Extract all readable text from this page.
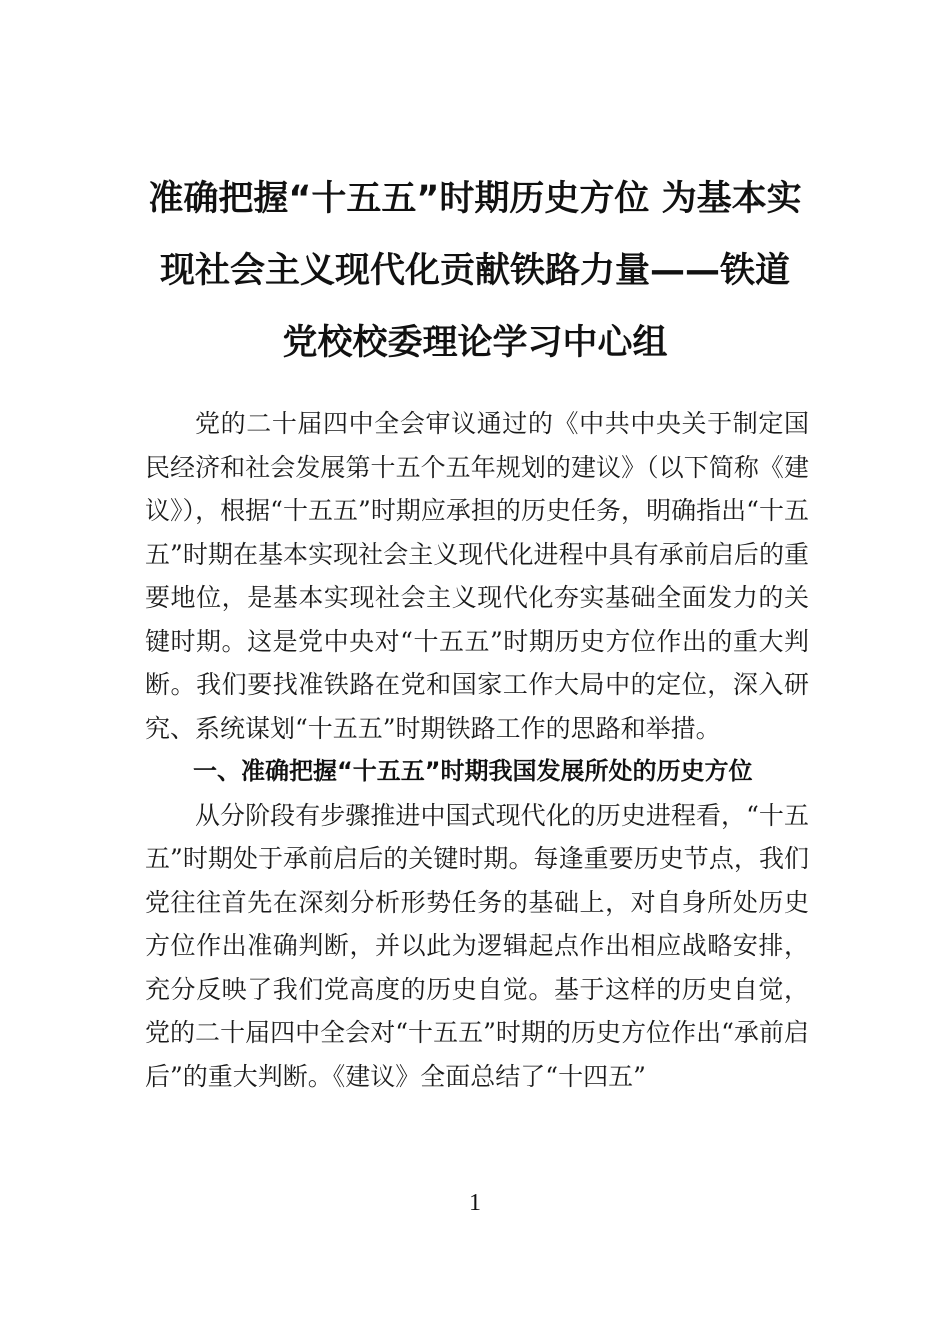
准确把握“十五五”时期历史方位 为基本实现社会主义现代化贡献铁路力量——铁道党校校委理论学习中心组

党的二十届四中全会审议通过的《中共中央关于制定国民经济和社会发展第十五个五年规划的建议》（以下简称《建议》），根据“十五五”时期应承担的历史任务，明确指出“十五五”时期在基本实现社会主义现代化进程中具有承前启后的重要地位，是基本实现社会主义现代化夯实基础全面发力的关键时期。这是党中央对“十五五”时期历史方位作出的重大判断。我们要找准铁路在党和国家工作大局中的定位，深入研究、系统谋划“十五五”时期铁路工作的思路和举措。

一、准确把握“十五五”时期我国发展所处的历史方位

从分阶段有步骤推进中国式现代化的历史进程看，“十五五”时期处于承前启后的关键时期。每逢重要历史节点，我们党往往首先在深刻分析形势任务的基础上，对自身所处历史方位作出准确判断，并以此为逻辑起点作出相应战略安排，充分反映了我们党高度的历史自觉。基于这样的历史自觉，党的二十届四中全会对“十五五”时期的历史方位作出“承前启后”的重大判断。《建议》全面总结了“十四五”

1
